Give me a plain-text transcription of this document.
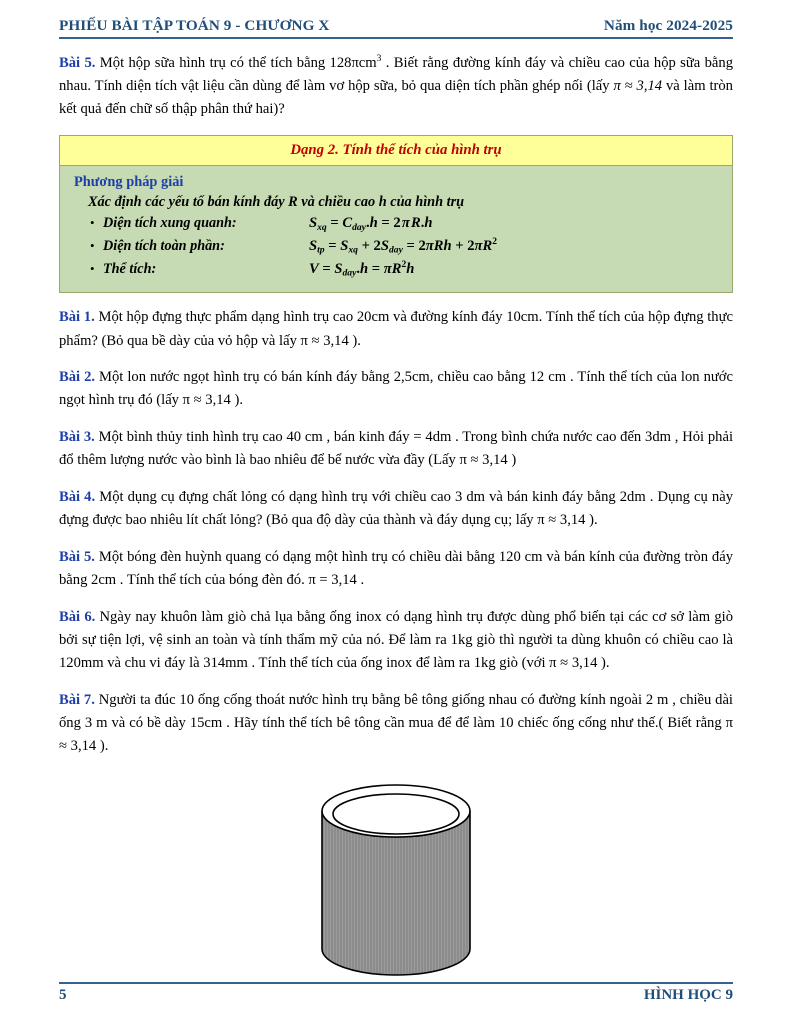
PHIẾU BÀI TẬP TOÁN 9 - CHƯƠNG X	Năm học 2024-2025

Bài 5. Một hộp sữa hình trụ có thể tích bằng 128πcm$^3$ . Biết rằng đường kính đáy và chiều cao của hộp sữa bằng nhau. Tính diện tích vật liệu cần dùng để làm vơ hộp sữa, bỏ qua diện tích phần ghép nối (lấy π ≈ 3,14 và làm tròn kết quả đến chữ số thập phân thứ hai)?

Dạng 2. Tính thể tích của hình trụ
Phương pháp giải
Xác định các yếu tố bán kính đáy R và chiều cao h của hình trụ
• Diện tích xung quanh:	$S_{xq} = C_{day}.h = 2\pi R.h$
• Diện tích toàn phần:	$S_{tp} = S_{xq} + 2S_{day} = 2\pi Rh + 2\pi R^2$
• Thể tích:	$V = S_{day}.h = \pi R^2h$

Bài 1. Một hộp đựng thực phẩm dạng hình trụ cao 20cm và đường kính đáy 10cm. Tính thể tích của hộp đựng thực phẩm? (Bỏ qua bề dày của vỏ hộp và lấy π ≈ 3,14 ).

Bài 2. Một lon nước ngọt hình trụ có bán kính đáy bằng 2,5cm, chiều cao bằng 12 cm . Tính thể tích của lon nước ngọt hình trụ đó (lấy π ≈ 3,14 ).

Bài 3. Một bình thủy tinh hình trụ cao 40 cm , bán kinh đáy = 4dm . Trong bình chứa nước cao đến 3dm , Hỏi phải đổ thêm lượng nước vào bình là bao nhiêu để bể nước vừa đầy (Lấy π ≈ 3,14 )

Bài 4. Một dụng cụ đựng chất lỏng có dạng hình trụ với chiều cao 3 dm và bán kinh đáy bằng 2dm . Dụng cụ này đựng được bao nhiêu lít chất lỏng? (Bỏ qua độ dày của thành và đáy dụng cụ; lấy π ≈ 3,14 ).

Bài 5. Một bóng đèn huỳnh quang có dạng một hình trụ có chiều dài bằng 120 cm và bán kính của đường tròn đáy bằng 2cm . Tính thể tích của bóng đèn đó. π = 3,14 .

Bài 6. Ngày nay khuôn làm giò chả lụa bằng ống inox có dạng hình trụ được dùng phổ biến tại các cơ sở làm giò bởi sự tiện lợi, vệ sinh an toàn và tính thẩm mỹ của nó. Để làm ra 1kg giò thì người ta dùng khuôn có chiều cao là 120mm và chu vi đáy là 314mm . Tính thể tích của ống inox để làm ra 1kg giò (với π ≈ 3,14 ).

Bài 7. Người ta đúc 10 ống cống thoát nước hình trụ bằng bê tông giống nhau có đường kính ngoài 2 m , chiều dài ống 3 m và có bề dày 15cm . Hãy tính thể tích bê tông cần mua để để làm 10 chiếc ống cống như thế.( Biết rằng π ≈ 3,14 ).

5	HÌNH HỌC 9
